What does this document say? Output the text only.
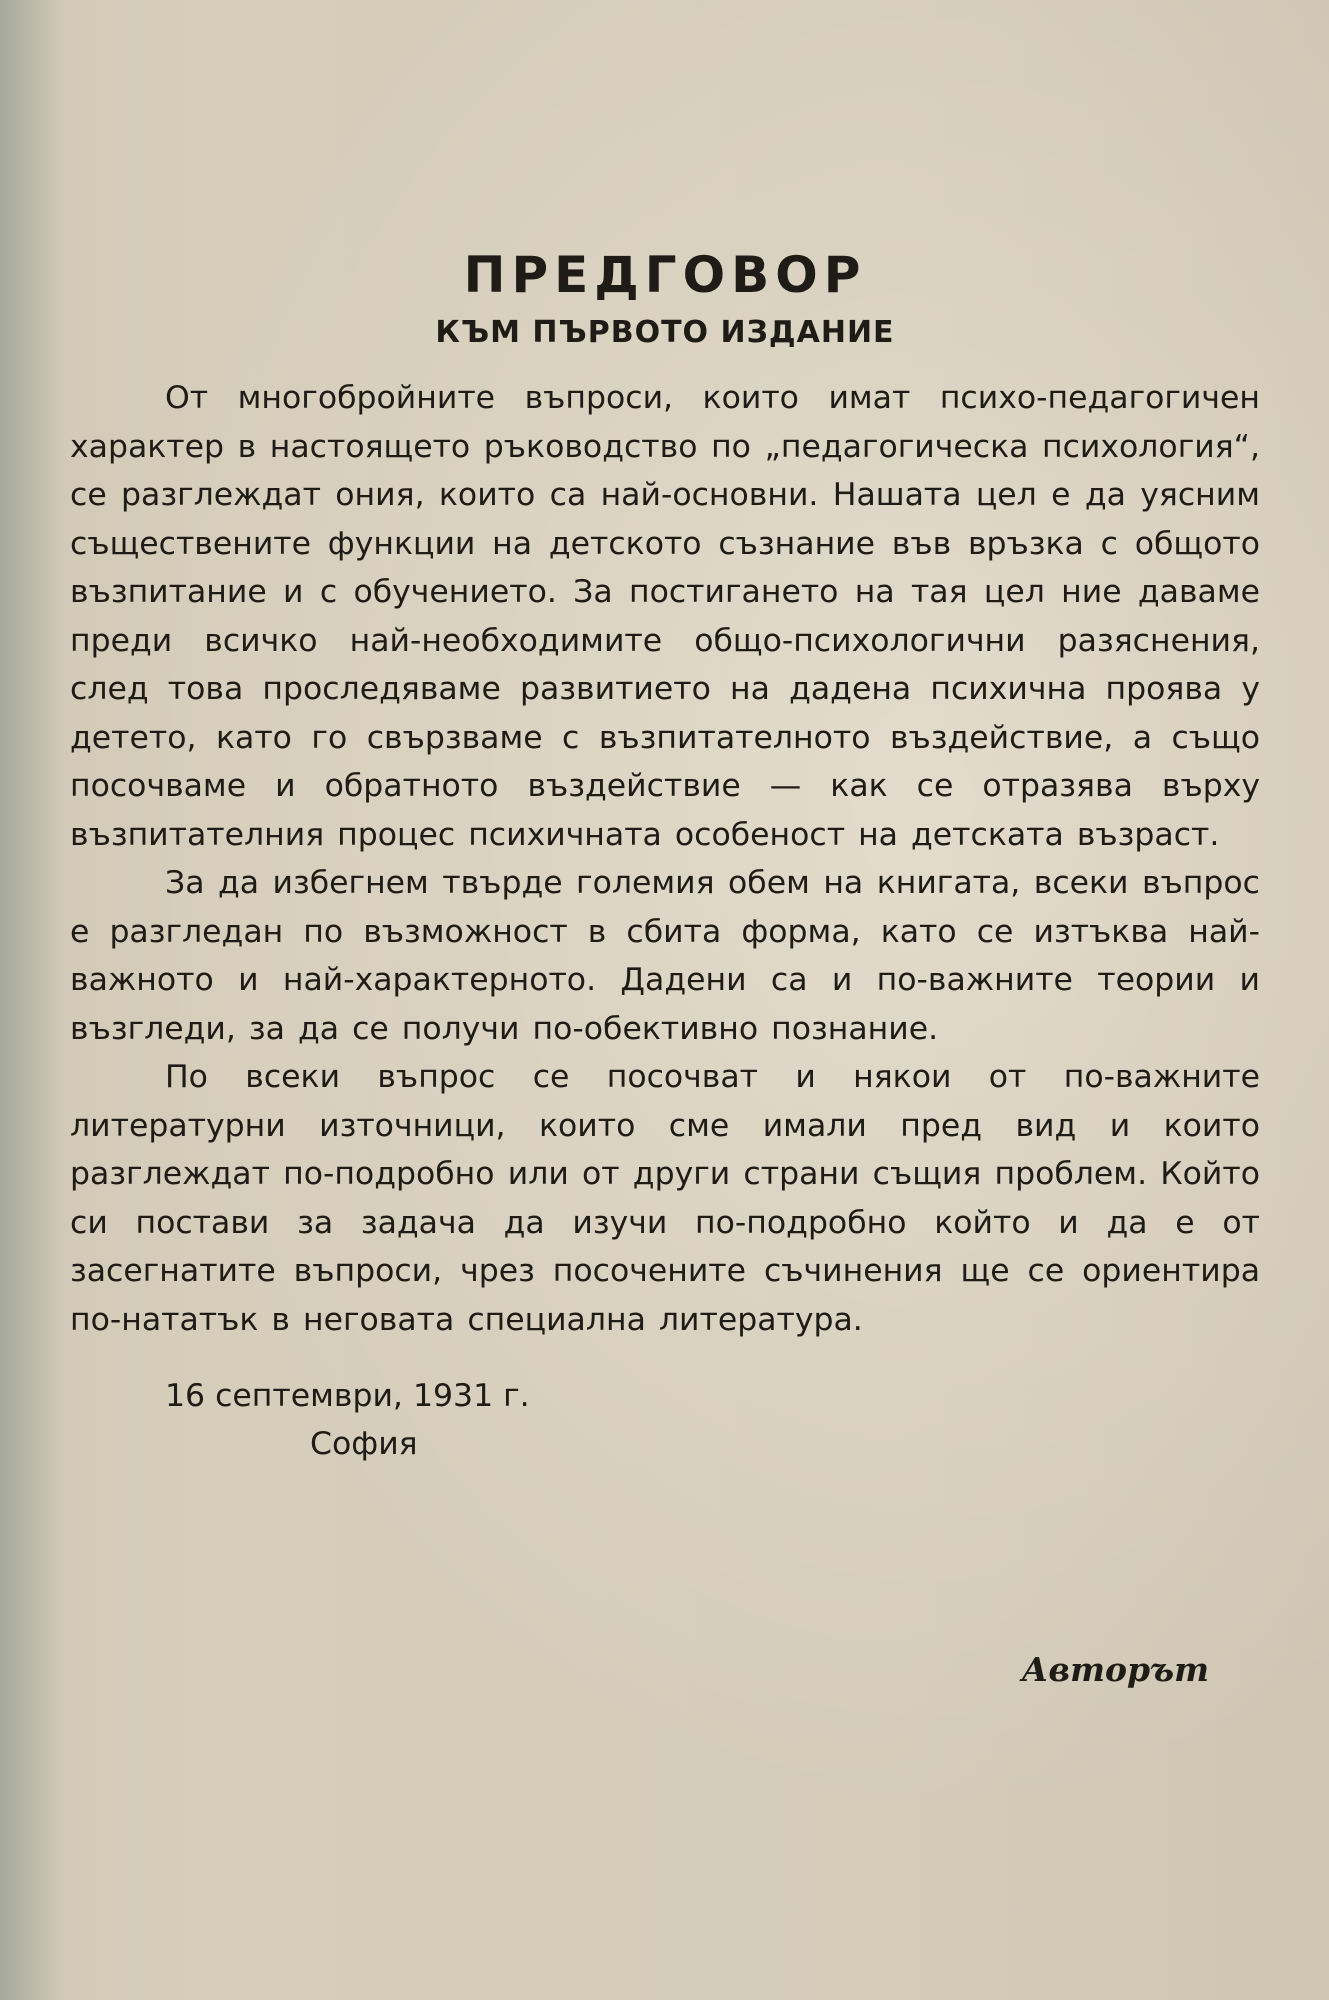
ПРЕДГОВОР
КЪМ ПЪРВОТО ИЗДАНИЕ

От многобройните въпроси, които имат психо-педагогичен характер в настоящето ръководство по „педагогическа психология“, се разглеждат ония, които са най-основни. Нашата цел е да уясним съществените функции на детското съзнание във връзка с общото възпитание и с обучението. За постигането на тая цел ние даваме преди всичко най-необходимите общо-психологични разяснения, след това проследяваме развитието на дадена психична проява у детето, като го свързваме с възпитателното въздействие, а също посочваме и обратното въздействие — как се отразява върху възпитателния процес психичната особеност на детската възраст.

За да избегнем твърде големия обем на книгата, всеки въпрос е разгледан по възможност в сбита форма, като се изтъква най-важното и най-характерното. Дадени са и по-важните теории и възгледи, за да се получи по-обективно познание.

По всеки въпрос се посочват и някои от по-важните литературни източници, които сме имали пред вид и които разглеждат по-подробно или от други страни същия проблем. Който си постави за задача да изучи по-подробно който и да е от засегнатите въпроси, чрез посочените съчинения ще се ориентира по-нататък в неговата специална литература.

16 септември, 1931 г.
София
Авторът
